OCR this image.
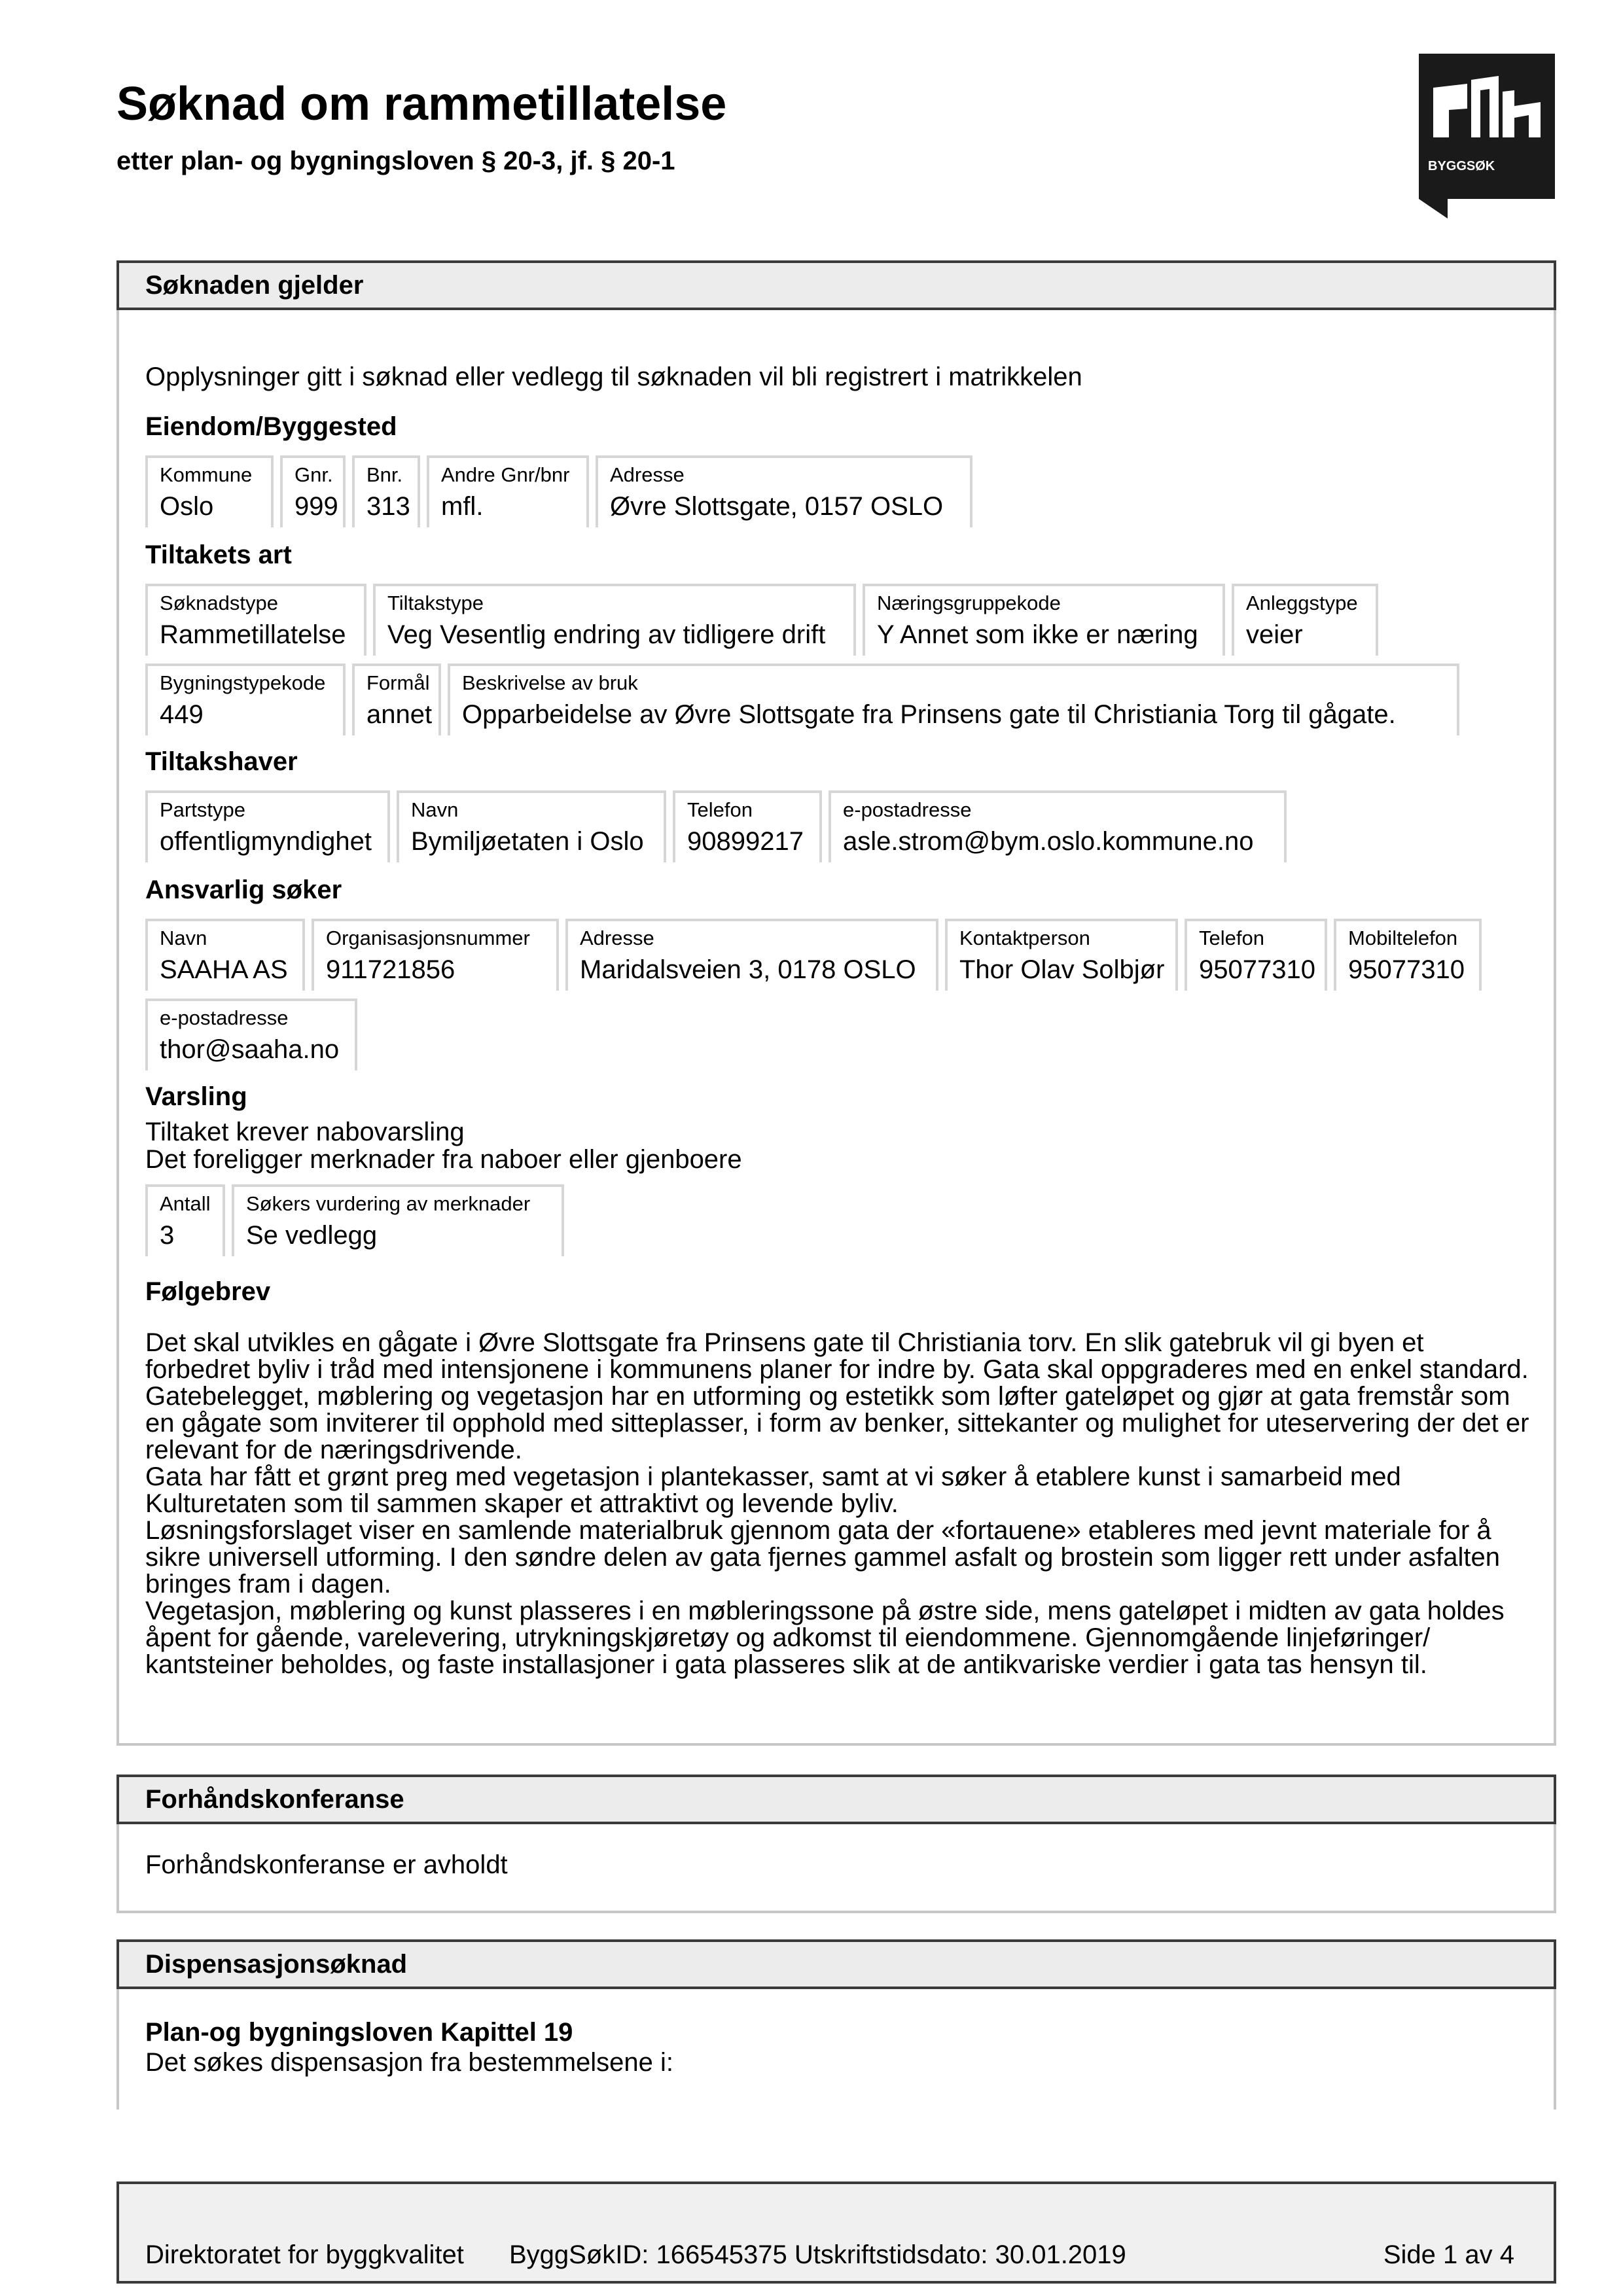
Søknad om rammetillatelse
etter plan- og bygningsloven § 20-3, jf. § 20-1	BYGGSØK
Søknaden gjelder
Opplysninger gitt i søknad eller vedlegg til søknaden vil bli registrert i matrikkelen
Eiendom/Byggested
Kommune
Oslo
Gnr.
999
Bnr.
313
Andre Gnr/bnr
mfl.
Adresse
Øvre Slottsgate, 0157 OSLO
Tiltakets art
Søknadstype
Rammetillatelse
Tiltakstype
Veg Vesentlig endring av tidligere drift
Næringsgruppekode
Y Annet som ikke er næring
Anleggstype
veier
Bygningstypekode
449
Formål
annet
Beskrivelse av bruk
Opparbeidelse av Øvre Slottsgate fra Prinsens gate til Christiania Torg til gågate.
Tiltakshaver
Partstype
offentligmyndighet
Navn
Bymiljøetaten i Oslo
Telefon
90899217
e-postadresse
asle.strom@bym.oslo.kommune.no
Ansvarlig søker
Navn
SAAHA AS
Organisasjonsnummer
911721856
Adresse
Maridalsveien 3, 0178 OSLO
Kontaktperson
Thor Olav Solbjør
Telefon
95077310
Mobiltelefon
95077310
e-postadresse
thor@saaha.no
Varsling
Tiltaket krever nabovarsling
Det foreligger merknader fra naboer eller gjenboere
Antall
3
Søkers vurdering av merknader
Se vedlegg
Følgebrev

Det skal utvikles en gågate i Øvre Slottsgate fra Prinsens gate til Christiania torv. En slik gatebruk vil gi byen et forbedret byliv i tråd med intensjonene i kommunens planer for indre by. Gata skal oppgraderes med en enkel standard. Gatebelegget, møblering og vegetasjon har en utforming og estetikk som løfter gateløpet og gjør at gata fremstår som en gågate som inviterer til opphold med sitteplasser, i form av benker, sittekanter og mulighet for uteservering der det er relevant for de næringsdrivende.

Gata har fått et grønt preg med vegetasjon i plantekasser, samt at vi søker å etablere kunst i samarbeid med Kulturetaten som til sammen skaper et attraktivt og levende byliv.

Løsningsforslaget viser en samlende materialbruk gjennom gata der «fortauene» etableres med jevnt materiale for å sikre universell utforming. I den søndre delen av gata fjernes gammel asfalt og brostein som ligger rett under asfalten bringes fram i dagen.

Vegetasjon, møblering og kunst plasseres i en møbleringssone på østre side, mens gateløpet i midten av gata holdes åpent for gående, varelevering, utrykningskjøretøy og adkomst til eiendommene. Gjennomgående linjeføringer/ kantsteiner beholdes, og faste installasjoner i gata plasseres slik at de antikvariske verdier i gata tas hensyn til.

Forhåndskonferanse
Forhåndskonferanse er avholdt
Dispensasjonsøknad
Plan-og bygningsloven Kapittel 19
Det søkes dispensasjon fra bestemmelsene i:
Direktoratet for byggkvalitet ByggSøkID: 166545375 Utskriftstidsdato: 30.01.2019	Side 1 av 4
